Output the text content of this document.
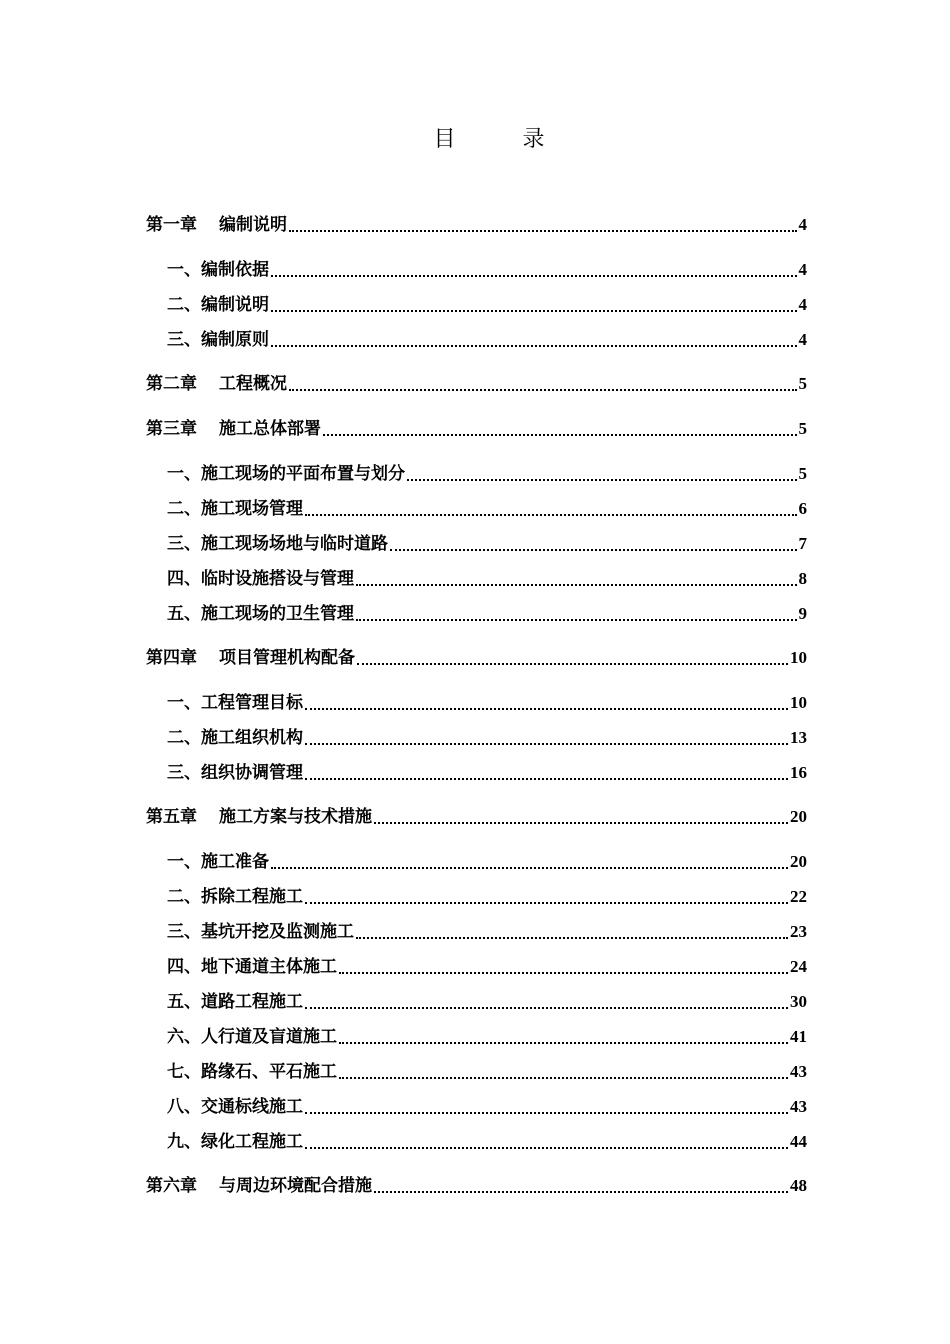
目 录
第一章 编制说明	4
一、编制依据	4
二、编制说明	4
三、编制原则	4
第二章 工程概况	5
第三章 施工总体部署	5
一、施工现场的平面布置与划分	5
二、施工现场管理	6
三、施工现场场地与临时道路	7
四、临时设施搭设与管理	8
五、施工现场的卫生管理	9
第四章 项目管理机构配备	10
一、工程管理目标	10
二、施工组织机构	13
三、组织协调管理	16
第五章 施工方案与技术措施	20
一、施工准备	20
二、拆除工程施工	22
三、基坑开挖及监测施工	23
四、地下通道主体施工	24
五、道路工程施工	30
六、人行道及盲道施工	41
七、路缘石、平石施工	43
八、交通标线施工	43
九、绿化工程施工	44
第六章 与周边环境配合措施	48
